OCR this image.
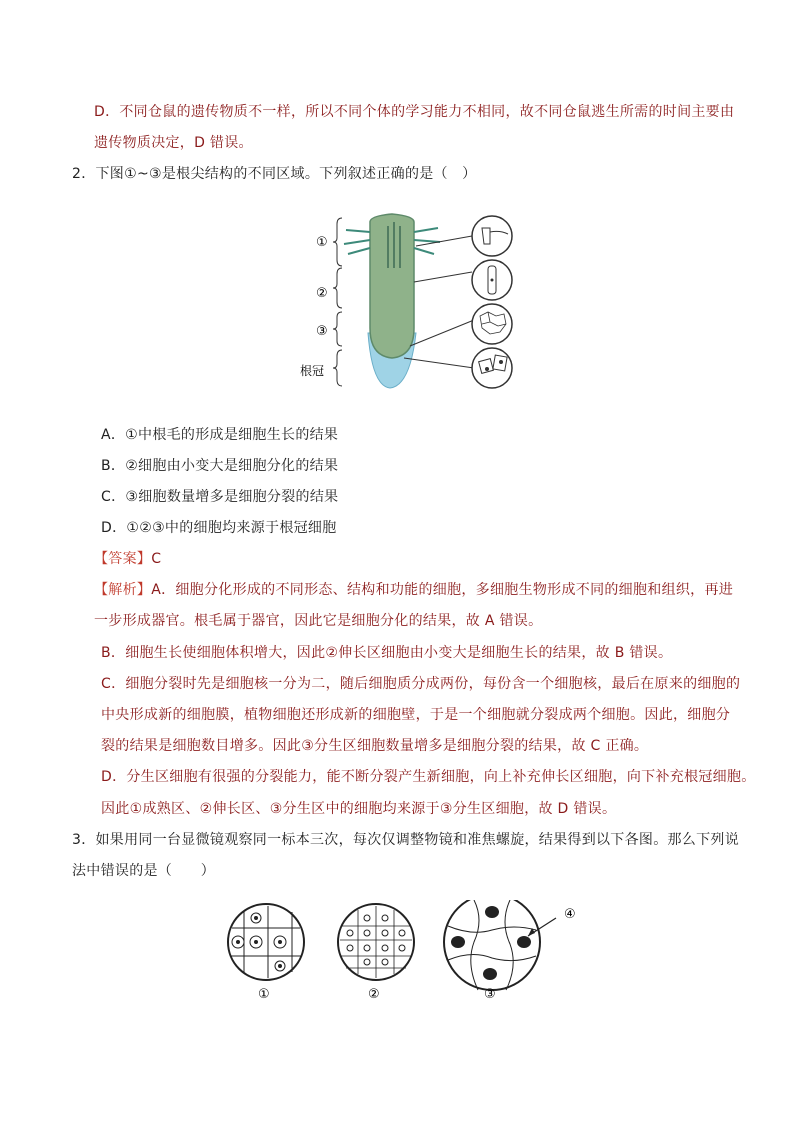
D．不同仓鼠的遗传物质不一样，所以不同个体的学习能力不相同，故不同仓鼠逃生所需的时间主要由
遗传物质决定，D 错误。
2．下图①~③是根尖结构的不同区域。下列叙述正确的是（　）
①
②
③
根冠
A．①中根毛的形成是细胞生长的结果
B．②细胞由小变大是细胞分化的结果
C．③细胞数量增多是细胞分裂的结果
D．①②③中的细胞均来源于根冠细胞
【答案】C
【解析】A．细胞分化形成的不同形态、结构和功能的细胞，多细胞生物形成不同的细胞和组织，再进
一步形成器官。根毛属于器官，因此它是细胞分化的结果，故 A 错误。
B．细胞生长使细胞体积增大，因此②伸长区细胞由小变大是细胞生长的结果，故 B 错误。
C．细胞分裂时先是细胞核一分为二，随后细胞质分成两份，每份含一个细胞核，最后在原来的细胞的
中央形成新的细胞膜，植物细胞还形成新的细胞壁，于是一个细胞就分裂成两个细胞。因此，细胞分
裂的结果是细胞数目增多。因此③分生区细胞数量增多是细胞分裂的结果，故 C 正确。
D．分生区细胞有很强的分裂能力，能不断分裂产生新细胞，向上补充伸长区细胞，向下补充根冠细胞。
因此①成熟区、②伸长区、③分生区中的细胞均来源于③分生区细胞，故 D 错误。
3．如果用同一台显微镜观察同一标本三次，每次仅调整物镜和准焦螺旋，结果得到以下各图。那么下列说
法中错误的是（　　）
①	②	③
④
